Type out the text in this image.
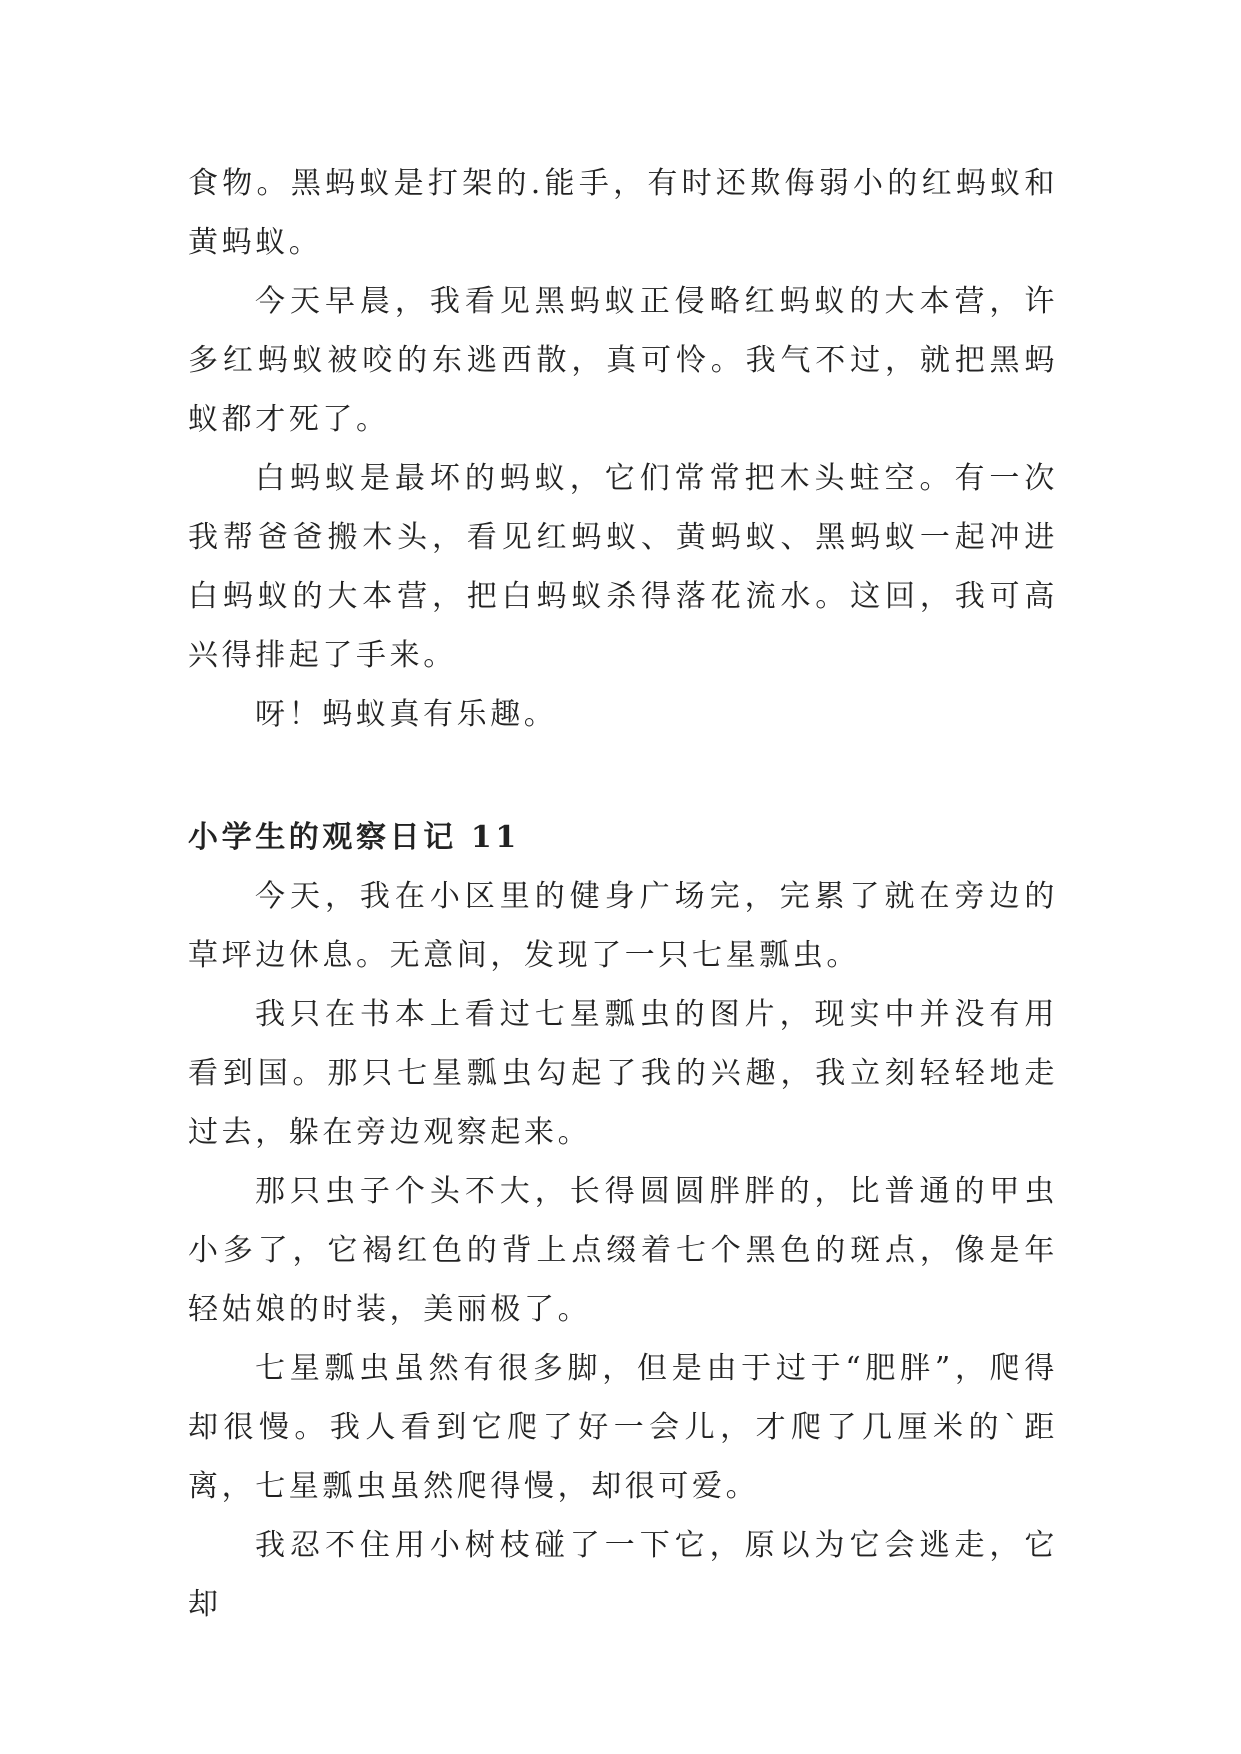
食物。黑蚂蚁是打架的.能手，有时还欺侮弱小的红蚂蚁和黄蚂蚁。

今天早晨，我看见黑蚂蚁正侵略红蚂蚁的大本营，许多红蚂蚁被咬的东逃西散，真可怜。我气不过，就把黑蚂蚁都才死了。

白蚂蚁是最坏的蚂蚁，它们常常把木头蛀空。有一次我帮爸爸搬木头，看见红蚂蚁、黄蚂蚁、黑蚂蚁一起冲进白蚂蚁的大本营，把白蚂蚁杀得落花流水。这回，我可高兴得排起了手来。

呀！蚂蚁真有乐趣。

小学生的观察日记 11

今天，我在小区里的健身广场完，完累了就在旁边的草坪边休息。无意间，发现了一只七星瓢虫。

我只在书本上看过七星瓢虫的图片，现实中并没有用看到国。那只七星瓢虫勾起了我的兴趣，我立刻轻轻地走过去，躲在旁边观察起来。

那只虫子个头不大，长得圆圆胖胖的，比普通的甲虫小多了，它褐红色的背上点缀着七个黑色的斑点，像是年轻姑娘的时装，美丽极了。

七星瓢虫虽然有很多脚，但是由于过于“肥胖”，爬得却很慢。我人看到它爬了好一会儿，才爬了几厘米的`距离，七星瓢虫虽然爬得慢，却很可爱。

我忍不住用小树枝碰了一下它，原以为它会逃走，它却
